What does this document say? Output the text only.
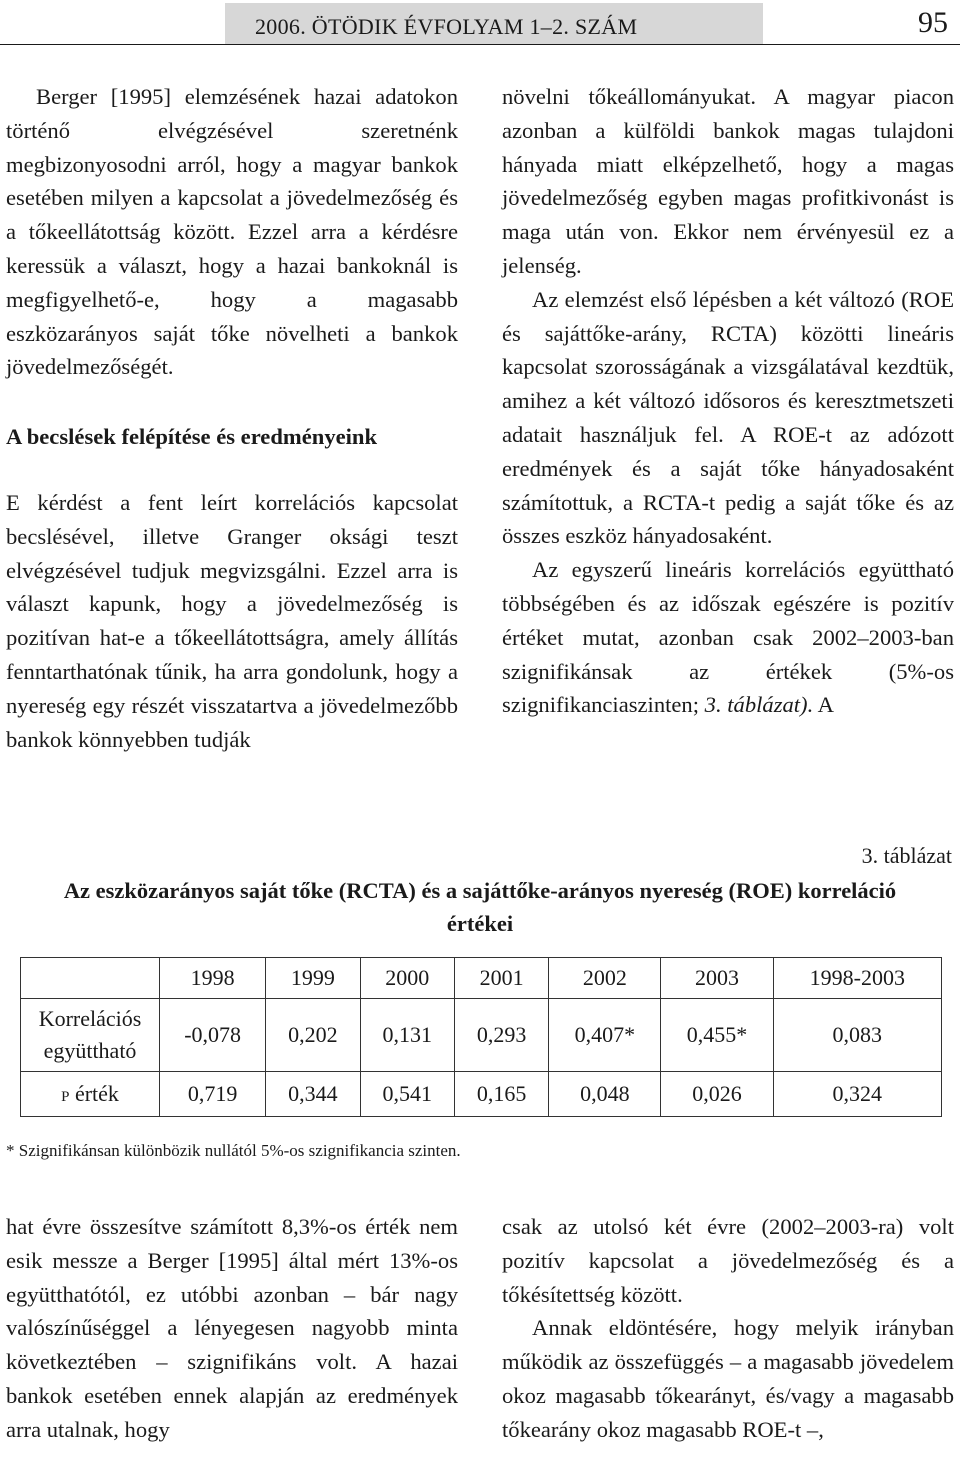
2006. ÖTÖDIK ÉVFOLYAM 1–2. SZÁM	95

Berger [1995] elemzésének hazai adatokon történő elvégzésével szeretnénk megbizonyosodni arról, hogy a magyar bankok esetében milyen a kapcsolat a jövedelmezőség és a tőkeellátottság között. Ezzel arra a kérdésre keressük a választ, hogy a hazai bankoknál is megfigyelhető-e, hogy a magasabb eszközarányos saját tőke növelheti a bankok jövedelmezőségét.

A becslések felépítése és eredményeink

E kérdést a fent leírt korrelációs kapcsolat becslésével, illetve Granger oksági teszt elvégzésével tudjuk megvizsgálni. Ezzel arra is választ kapunk, hogy a jövedelmezőség is pozitívan hat-e a tőkeellátottságra, amely állítás fenntarthatónak tűnik, ha arra gondolunk, hogy a nyereség egy részét visszatartva a jövedelmezőbb bankok könnyebben tudják

növelni tőkeállományukat. A magyar piacon azonban a külföldi bankok magas tulajdoni hányada miatt elképzelhető, hogy a magas jövedelmezőség egyben magas profitkivonást is maga után von. Ekkor nem érvényesül ez a jelenség.

Az elemzést első lépésben a két változó (ROE és sajáttőke-arány, RCTA) közötti lineáris kapcsolat szorosságának a vizsgálatával kezdtük, amihez a két változó idősoros és keresztmetszeti adatait használjuk fel. A ROE-t az adózott eredmények és a saját tőke hányadosaként számítottuk, a RCTA-t pedig a saját tőke és az összes eszköz hányadosaként.

Az egyszerű lineáris korrelációs együttható többségében és az időszak egészére is pozitív értéket mutat, azonban csak 2002–2003-ban szignifikánsak az értékek (5%-os szignifikanciaszinten; 3. táblázat). A

3. táblázat
Az eszközarányos saját tőke (RCTA) és a sajáttőke-arányos nyereség (ROE) korreláció értékei
	1998	1999	2000	2001	2002	2003	1998-2003
Korrelációs együttható	-0,078	0,202	0,131	0,293	0,407*	0,455*	0,083
p érték	0,719	0,344	0,541	0,165	0,048	0,026	0,324
* Szignifikánsan különbözik nullától 5%-os szignifikancia szinten.

hat évre összesítve számított 8,3%-os érték nem esik messze a Berger [1995] által mért 13%-os együtthatótól, ez utóbbi azonban – bár nagy valószínűséggel a lényegesen nagyobb minta következtében – szignifikáns volt. A hazai bankok esetében ennek alapján az eredmények arra utalnak, hogy

csak az utolsó két évre (2002–2003-ra) volt pozitív kapcsolat a jövedelmezőség és a tőkésítettség között.

Annak eldöntésére, hogy melyik irányban működik az összefüggés – a magasabb jövedelem okoz magasabb tőkearányt, és/vagy a magasabb tőkearány okoz magasabb ROE-t –,
